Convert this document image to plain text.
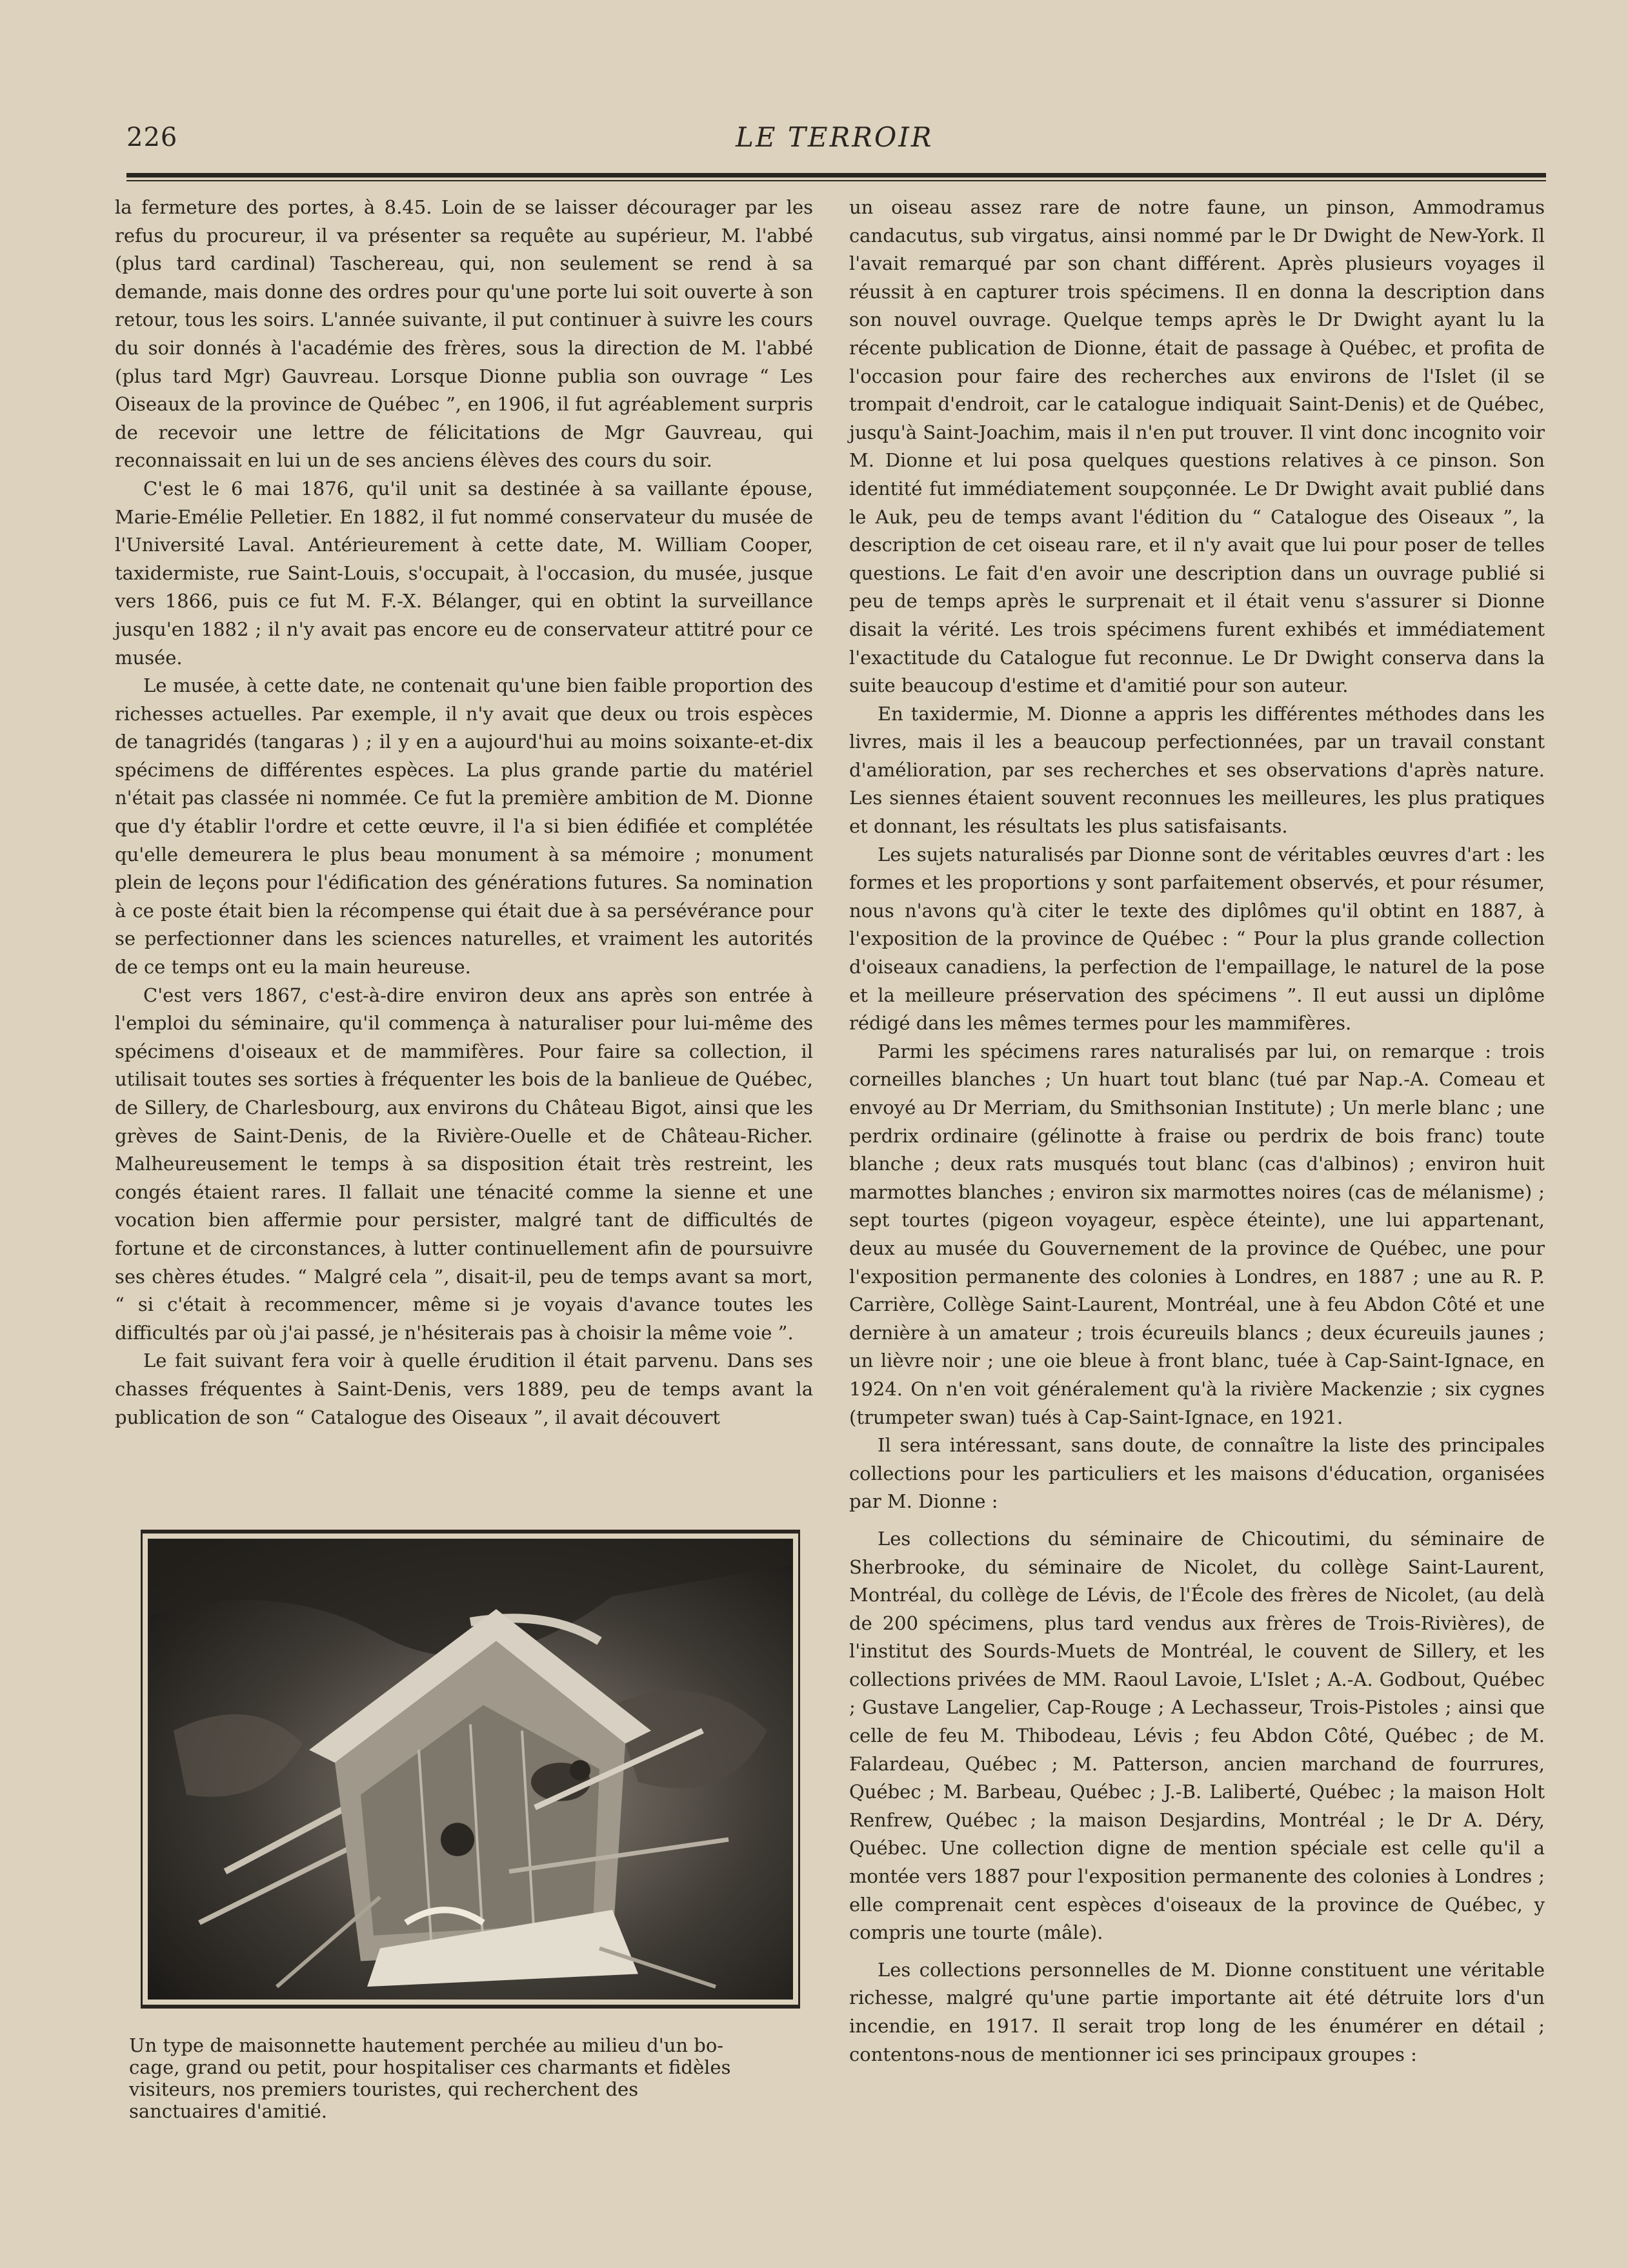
226	LE TERROIR

la fermeture des portes, à 8.45. Loin de se laisser décourager par les refus du procureur, il va présenter sa requête au supérieur, M. l'abbé (plus tard cardinal) Taschereau, qui, non seulement se rend à sa demande, mais donne des ordres pour qu'une porte lui soit ouverte à son retour, tous les soirs. L'année suivante, il put continuer à suivre les cours du soir donnés à l'académie des frères, sous la direction de M. l'abbé (plus tard Mgr) Gauvreau. Lorsque Dionne publia son ouvrage “ Les Oiseaux de la province de Québec ”, en 1906, il fut agréablement surpris de recevoir une lettre de félicitations de Mgr Gauvreau, qui reconnaissait en lui un de ses anciens élèves des cours du soir.

C'est le 6 mai 1876, qu'il unit sa destinée à sa vaillante épouse, Marie-Emélie Pelletier. En 1882, il fut nommé conservateur du musée de l'Université Laval. Antérieurement à cette date, M. William Cooper, taxidermiste, rue Saint-Louis, s'occupait, à l'occasion, du musée, jusque vers 1866, puis ce fut M. F.-X. Bélanger, qui en obtint la surveillance jusqu'en 1882 ; il n'y avait pas encore eu de conservateur attitré pour ce musée.

Le musée, à cette date, ne contenait qu'une bien faible proportion des richesses actuelles. Par exemple, il n'y avait que deux ou trois espèces de tanagridés (tangaras ) ; il y en a aujourd'hui au moins soixante-et-dix spécimens de différentes espèces. La plus grande partie du matériel n'était pas classée ni nommée. Ce fut la première ambition de M. Dionne que d'y établir l'ordre et cette œuvre, il l'a si bien édifiée et complétée qu'elle demeurera le plus beau monument à sa mémoire ; monument plein de leçons pour l'édification des générations futures. Sa nomination à ce poste était bien la récompense qui était due à sa persévérance pour se perfectionner dans les sciences naturelles, et vraiment les autorités de ce temps ont eu la main heureuse.

C'est vers 1867, c'est-à-dire environ deux ans après son entrée à l'emploi du séminaire, qu'il commença à naturaliser pour lui-même des spécimens d'oiseaux et de mammifères. Pour faire sa collection, il utilisait toutes ses sorties à fréquenter les bois de la banlieue de Québec, de Sillery, de Charlesbourg, aux environs du Château Bigot, ainsi que les grèves de Saint-Denis, de la Rivière-Ouelle et de Château-Richer. Malheureusement le temps à sa disposition était très restreint, les congés étaient rares. Il fallait une ténacité comme la sienne et une vocation bien affermie pour persister, malgré tant de difficultés de fortune et de circonstances, à lutter continuellement afin de poursuivre ses chères études. “ Malgré cela ”, disait-il, peu de temps avant sa mort, “ si c'était à recommencer, même si je voyais d'avance toutes les difficultés par où j'ai passé, je n'hésiterais pas à choisir la même voie ”.

Le fait suivant fera voir à quelle érudition il était parvenu. Dans ses chasses fréquentes à Saint-Denis, vers 1889, peu de temps avant la publication de son “ Catalogue des Oiseaux ”, il avait découvert

un oiseau assez rare de notre faune, un pinson, Ammodramus candacutus, sub virgatus, ainsi nommé par le Dr Dwight de New-York. Il l'avait remarqué par son chant différent. Après plusieurs voyages il réussit à en capturer trois spécimens. Il en donna la description dans son nouvel ouvrage. Quelque temps après le Dr Dwight ayant lu la récente publication de Dionne, était de passage à Québec, et profita de l'occasion pour faire des recherches aux environs de l'Islet (il se trompait d'endroit, car le catalogue indiquait Saint-Denis) et de Québec, jusqu'à Saint-Joachim, mais il n'en put trouver. Il vint donc incognito voir M. Dionne et lui posa quelques questions relatives à ce pinson. Son identité fut immédiatement soupçonnée. Le Dr Dwight avait publié dans le Auk, peu de temps avant l'édition du “ Catalogue des Oiseaux ”, la description de cet oiseau rare, et il n'y avait que lui pour poser de telles questions. Le fait d'en avoir une description dans un ouvrage publié si peu de temps après le surprenait et il était venu s'assurer si Dionne disait la vérité. Les trois spécimens furent exhibés et immédiatement l'exactitude du Catalogue fut reconnue. Le Dr Dwight conserva dans la suite beaucoup d'estime et d'amitié pour son auteur.

En taxidermie, M. Dionne a appris les différentes méthodes dans les livres, mais il les a beaucoup perfectionnées, par un travail constant d'amélioration, par ses recherches et ses observations d'après nature. Les siennes étaient souvent reconnues les meilleures, les plus pratiques et donnant, les résultats les plus satisfaisants.

Les sujets naturalisés par Dionne sont de véritables œuvres d'art : les formes et les proportions y sont parfaitement observés, et pour résumer, nous n'avons qu'à citer le texte des diplômes qu'il obtint en 1887, à l'exposition de la province de Québec : “ Pour la plus grande collection d'oiseaux canadiens, la perfection de l'empaillage, le naturel de la pose et la meilleure préservation des spécimens ”. Il eut aussi un diplôme rédigé dans les mêmes termes pour les mammifères.

Parmi les spécimens rares naturalisés par lui, on remarque : trois corneilles blanches ; Un huart tout blanc (tué par Nap.-A. Comeau et envoyé au Dr Merriam, du Smithsonian Institute) ; Un merle blanc ; une perdrix ordinaire (gélinotte à fraise ou perdrix de bois franc) toute blanche ; deux rats musqués tout blanc (cas d'albinos) ; environ huit marmottes blanches ; environ six marmottes noires (cas de mélanisme) ; sept tourtes (pigeon voyageur, espèce éteinte), une lui appartenant, deux au musée du Gouvernement de la province de Québec, une pour l'exposition permanente des colonies à Londres, en 1887 ; une au R. P. Carrière, Collège Saint-Laurent, Montréal, une à feu Abdon Côté et une dernière à un amateur ; trois écureuils blancs ; deux écureuils jaunes ; un lièvre noir ; une oie bleue à front blanc, tuée à Cap-Saint-Ignace, en 1924. On n'en voit généralement qu'à la rivière Mackenzie ; six cygnes (trumpeter swan) tués à Cap-Saint-Ignace, en 1921.

Il sera intéressant, sans doute, de connaître la liste des principales collections pour les particuliers et les maisons d'éducation, organisées par M. Dionne :

Les collections du séminaire de Chicoutimi, du séminaire de Sherbrooke, du séminaire de Nicolet, du collège Saint-Laurent, Montréal, du collège de Lévis, de l'École des frères de Nicolet, (au delà de 200 spécimens, plus tard vendus aux frères de Trois-Rivières), de l'institut des Sourds-Muets de Montréal, le couvent de Sillery, et les collections privées de MM. Raoul Lavoie, L'Islet ; A.-A. Godbout, Québec ; Gustave Langelier, Cap-Rouge ; A Lechasseur, Trois-Pistoles ; ainsi que celle de feu M. Thibodeau, Lévis ; feu Abdon Côté, Québec ; de M. Falardeau, Québec ; M. Patterson, ancien marchand de fourrures, Québec ; M. Barbeau, Québec ; J.-B. Laliberté, Québec ; la maison Holt Renfrew, Québec ; la maison Desjardins, Montréal ; le Dr A. Déry, Québec. Une collection digne de mention spéciale est celle qu'il a montée vers 1887 pour l'exposition permanente des colonies à Londres ; elle comprenait cent espèces d'oiseaux de la province de Québec, y compris une tourte (mâle).

Les collections personnelles de M. Dionne constituent une véritable richesse, malgré qu'une partie importante ait été détruite lors d'un incendie, en 1917. Il serait trop long de les énumérer en détail ; contentons-nous de mentionner ici ses principaux groupes :

Un type de maisonnette hautement perchée au milieu d'un bo-
cage, grand ou petit, pour hospitaliser ces charmants et fidèles
visiteurs, nos premiers touristes, qui recherchent des
sanctuaires d'amitié.
